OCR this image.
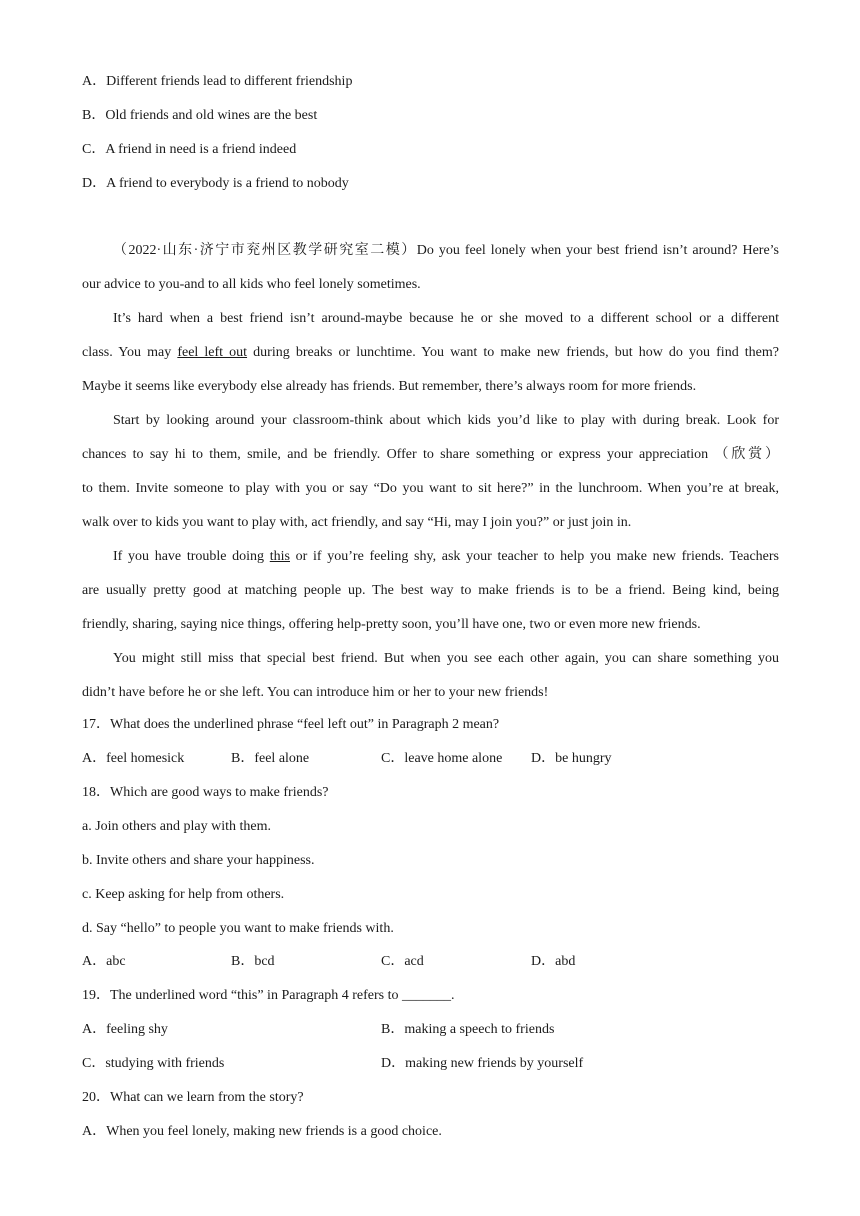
A．Different friends lead to different friendship
B．Old friends and old wines are the best
C．A friend in need is a friend indeed
D．A friend to everybody is a friend to nobody
（2022·山东·济宁市兖州区教学研究室二模）Do you feel lonely when your best friend isn’t around? Here’s
our advice to you-and to all kids who feel lonely sometimes.
It’s hard when a best friend isn’t around-maybe because he or she moved to a different school or a different
class. You may feel left out during breaks or lunchtime. You want to make new friends, but how do you find them?
Maybe it seems like everybody else already has friends. But remember, there’s always room for more friends.
Start by looking around your classroom-think about which kids you’d like to play with during break. Look for
chances to say hi to them, smile, and be friendly. Offer to share something or express your appreciation （欣赏）
to them. Invite someone to play with you or say “Do you want to sit here?” in the lunchroom. When you’re at break,
walk over to kids you want to play with, act friendly, and say “Hi, may I join you?” or just join in.
If you have trouble doing this or if you’re feeling shy, ask your teacher to help you make new friends. Teachers
are usually pretty good at matching people up. The best way to make friends is to be a friend. Being kind, being
friendly, sharing, saying nice things, offering help-pretty soon, you’ll have one, two or even more new friends.
You might still miss that special best friend. But when you see each other again, you can share something you
didn’t have before he or she left. You can introduce him or her to your new friends!
17．What does the underlined phrase “feel left out” in Paragraph 2 mean?
A．feel homesick	B．feel alone	C．leave home alone D．be hungry
18．Which are good ways to make friends?
a. Join others and play with them.
b. Invite others and share your happiness.
c. Keep asking for help from others.
d. Say “hello” to people you want to make friends with.
A．abc	B．bcd	C．acd	D．abd
19．The underlined word “this” in Paragraph 4 refers to _______.
A．feeling shy	B．making a speech to friends
C．studying with friends	D．making new friends by yourself
20．What can we learn from the story?
A．When you feel lonely, making new friends is a good choice.
